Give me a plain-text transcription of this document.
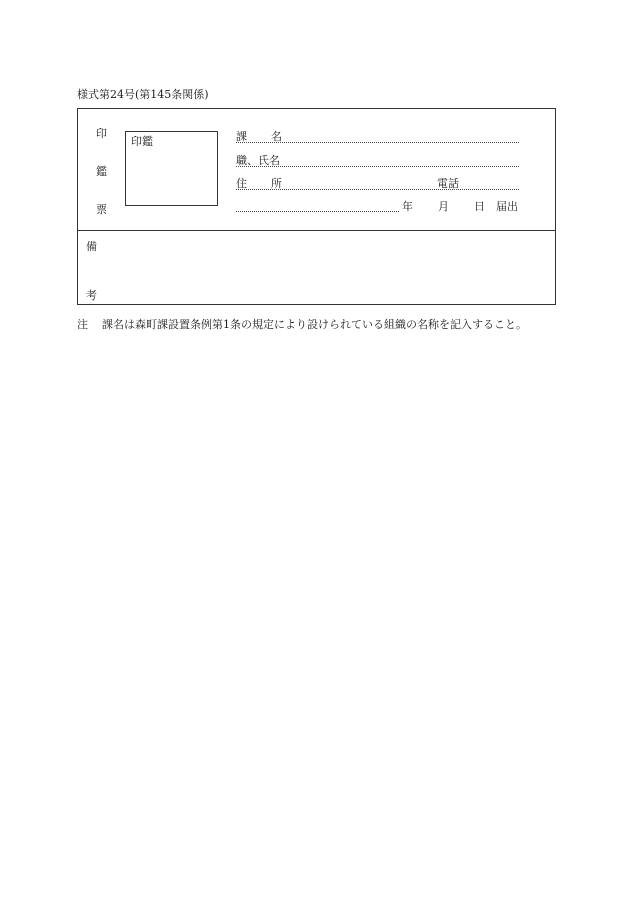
様式第24号(第145条関係)
印
鑑
票
印鑑	課 名
職、氏名
住 所	電話
年 月 日 届出
備
考
注 課名は森町課設置条例第1条の規定により設けられている組織の名称を記入すること。
